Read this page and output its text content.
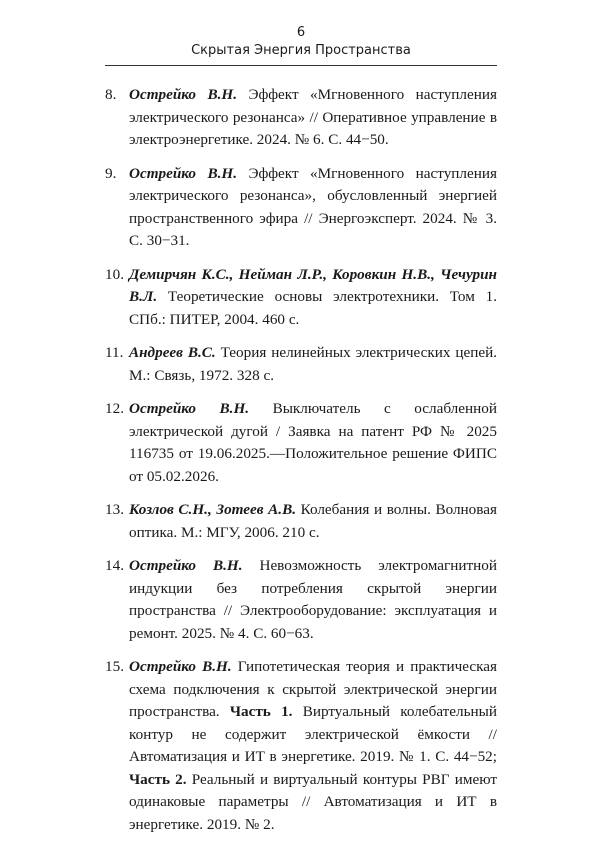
6
Скрытая Энергия Пространства
8. Острейко В.Н. Эффект «Мгновенного наступления электрического резонанса» // Оперативное управление в электроэнергетике. 2024. № 6. С. 44−50.
9. Острейко В.Н. Эффект «Мгновенного наступления электрического резонанса», обусловленный энергией пространственного эфира // Энергоэксперт. 2024. № 3. С. 30−31.
10. Демирчян К.С., Нейман Л.Р., Коровкин Н.В., Чечурин В.Л. Теоретические основы электротехники. Том 1. СПб.: ПИТЕР, 2004. 460 с.
11. Андреев В.С. Теория нелинейных электрических цепей. М.: Связь, 1972. 328 с.
12. Острейко В.Н. Выключатель с ослабленной электрической дугой / Заявка на патент РФ № 2025 116735 от 19.06.2025.—Положительное решение ФИПС от 05.02.2026.
13. Козлов С.Н., Зотеев А.В. Колебания и волны. Волновая оптика. М.: МГУ, 2006. 210 с.
14. Острейко В.Н. Невозможность электромагнитной индукции без потребления скрытой энергии пространства // Электрооборудование: эксплуатация и ремонт. 2025. № 4. С. 60−63.
15. Острейко В.Н. Гипотетическая теория и практическая схема подключения к скрытой электрической энергии пространства. Часть 1. Виртуальный колебательный контур не содержит электрической ёмкости // Автоматизация и ИТ в энергетике. 2019. № 1. С. 44−52; Часть 2. Реальный и виртуальный контуры РВГ имеют одинаковые параметры // Автоматизация и ИТ в энергетике. 2019. № 2.
